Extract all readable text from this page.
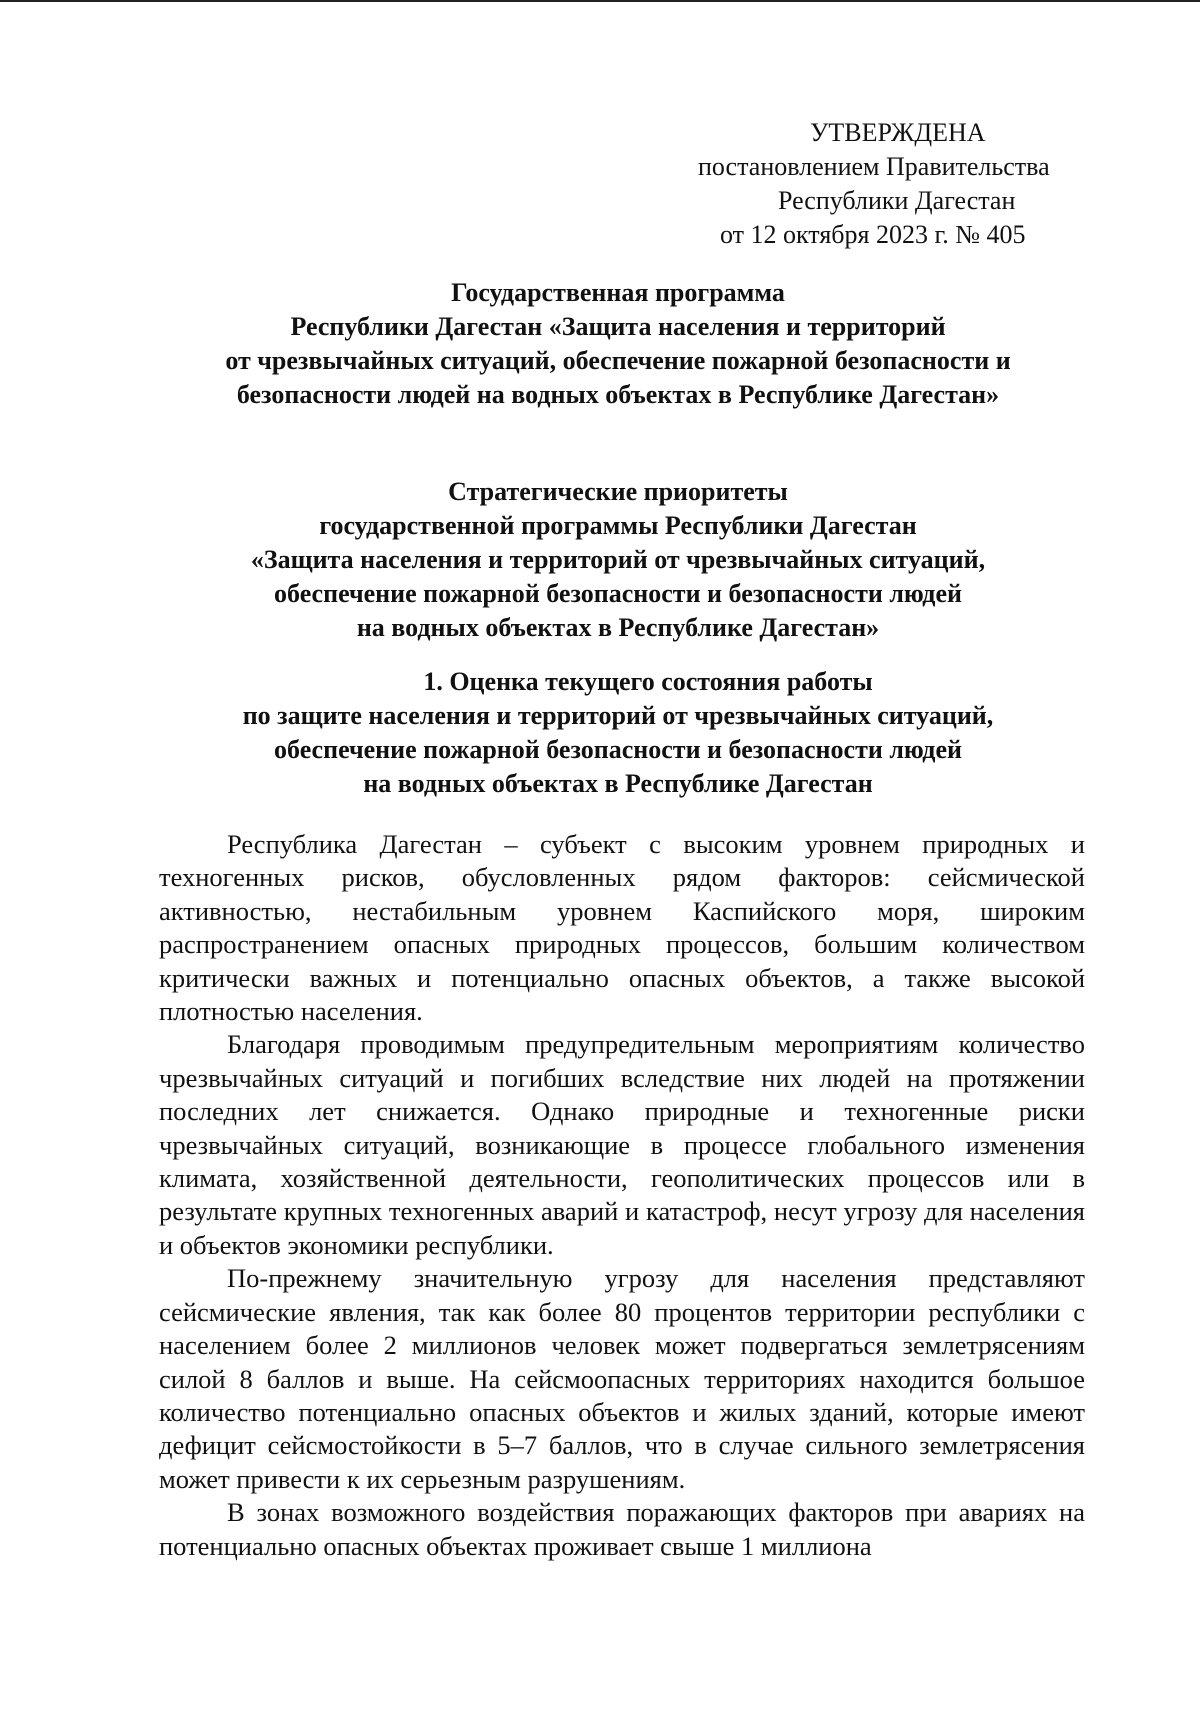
УТВЕРЖДЕНА
постановлением Правительства
Республики Дагестан
от 12 октября 2023 г. № 405
Государственная программа
Республики Дагестан «Защита населения и территорий
от чрезвычайных ситуаций, обеспечение пожарной безопасности и
безопасности людей на водных объектах в Республике Дагестан»
Стратегические приоритеты
государственной программы Республики Дагестан
«Защита населения и территорий от чрезвычайных ситуаций,
обеспечение пожарной безопасности и безопасности людей
на водных объектах в Республике Дагестан»
1. Оценка текущего состояния работы
по защите населения и территорий от чрезвычайных ситуаций,
обеспечение пожарной безопасности и безопасности людей
на водных объектах в Республике Дагестан

Республика Дагестан – субъект с высоким уровнем природных и техногенных рисков, обусловленных рядом факторов: сейсмической активностью, нестабильным уровнем Каспийского моря, широким распространением опасных природных процессов, большим количеством критически важных и потенциально опасных объектов, а также высокой плотностью населения.

Благодаря проводимым предупредительным мероприятиям количество чрезвычайных ситуаций и погибших вследствие них людей на протяжении последних лет снижается. Однако природные и техногенные риски чрезвычайных ситуаций, возникающие в процессе глобального изменения климата, хозяйственной деятельности, геополитических процессов или в результате крупных техногенных аварий и катастроф, несут угрозу для населения и объектов экономики республики.

По-прежнему значительную угрозу для населения представляют сейсмические явления, так как более 80 процентов территории республики с населением более 2 миллионов человек может подвергаться землетрясениям силой 8 баллов и выше. На сейсмоопасных территориях находится большое количество потенциально опасных объектов и жилых зданий, которые имеют дефицит сейсмостойкости в 5–7 баллов, что в случае сильного землетрясения может привести к их серьезным разрушениям.

В зонах возможного воздействия поражающих факторов при авариях на потенциально опасных объектах проживает свыше 1 миллиона
